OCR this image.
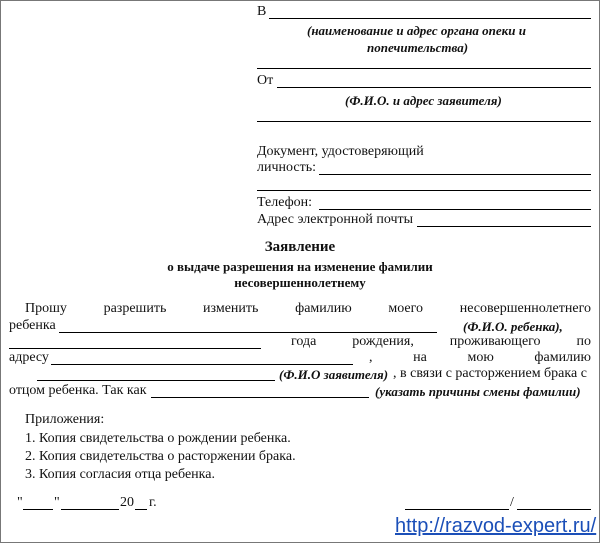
В
(наименование и адрес органа опеки и
попечительства)
От
(Ф.И.О. и адрес заявителя)
Документ, удостоверяющий
личность:
Телефон:
Адрес электронной почты
Заявление
о выдаче разрешения на изменение фамилии
несовершеннолетнему
Прошу	разрешить	изменить	фамилию	моего	несовершеннолетнего
ребенка	(Ф.И.О. ребенка),
года	рождения,	проживающего	по
адресу	,	на	мою	фамилию
(Ф.И.О заявителя) , в связи с расторжением брака с
отцом ребенка. Так как	(указать причины смены фамилии)
Приложения:
1. Копия свидетельства о рождении ребенка.
2. Копия свидетельства о расторжении брака.
3. Копия согласия отца ребенка.
" "	20 г.	/
http://razvod-expert.ru/
